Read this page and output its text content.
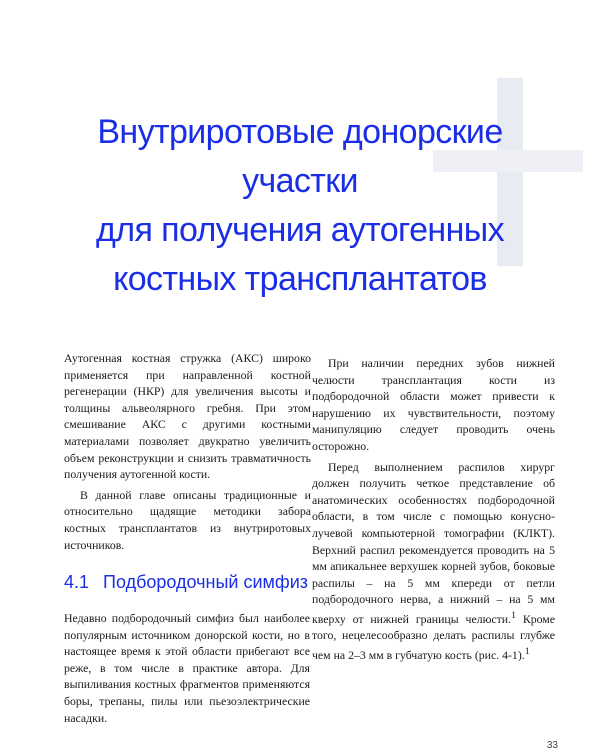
Внутриротовые донорские участки
для получения аутогенных
костных трансплантатов

Аутогенная костная стружка (АКС) широко применяется при направленной костной регенерации (НКР) для увеличения высоты и толщины альвеолярного гребня. При этом смешивание АКС с другими костными материалами позволяет двукратно увеличить объем реконструкции и снизить травматичность получения аутогенной кости.

В данной главе описаны традиционные и относительно щадящие методики забора костных трансплантатов из внутриротовых источников.

4.1 Подбородочный симфиз

Недавно подбородочный симфиз был наиболее популярным источником донорской кости, но в настоящее время к этой области прибегают все реже, в том числе в практике автора. Для выпиливания костных фрагментов применяются боры, трепаны, пилы или пьезоэлектрические насадки.

При наличии передних зубов нижней челюсти трансплантация кости из подбородочной области может привести к нарушению их чувствительности, поэтому манипуляцию следует проводить очень осторожно.

Перед выполнением распилов хирург должен получить четкое представление об анатомических особенностях подбородочной области, в том числе с помощью конусно-лучевой компьютерной томографии (КЛКТ). Верхний распил рекомендуется проводить на 5 мм апикальнее верхушек корней зубов, боковые распилы – на 5 мм кпереди от петли подбородочного нерва, а нижний – на 5 мм кверху от нижней границы челюсти.$^1$ Кроме того, нецелесообразно делать распилы глубже чем на 2–3 мм в губчатую кость (рис. 4-1).$^1$

33
